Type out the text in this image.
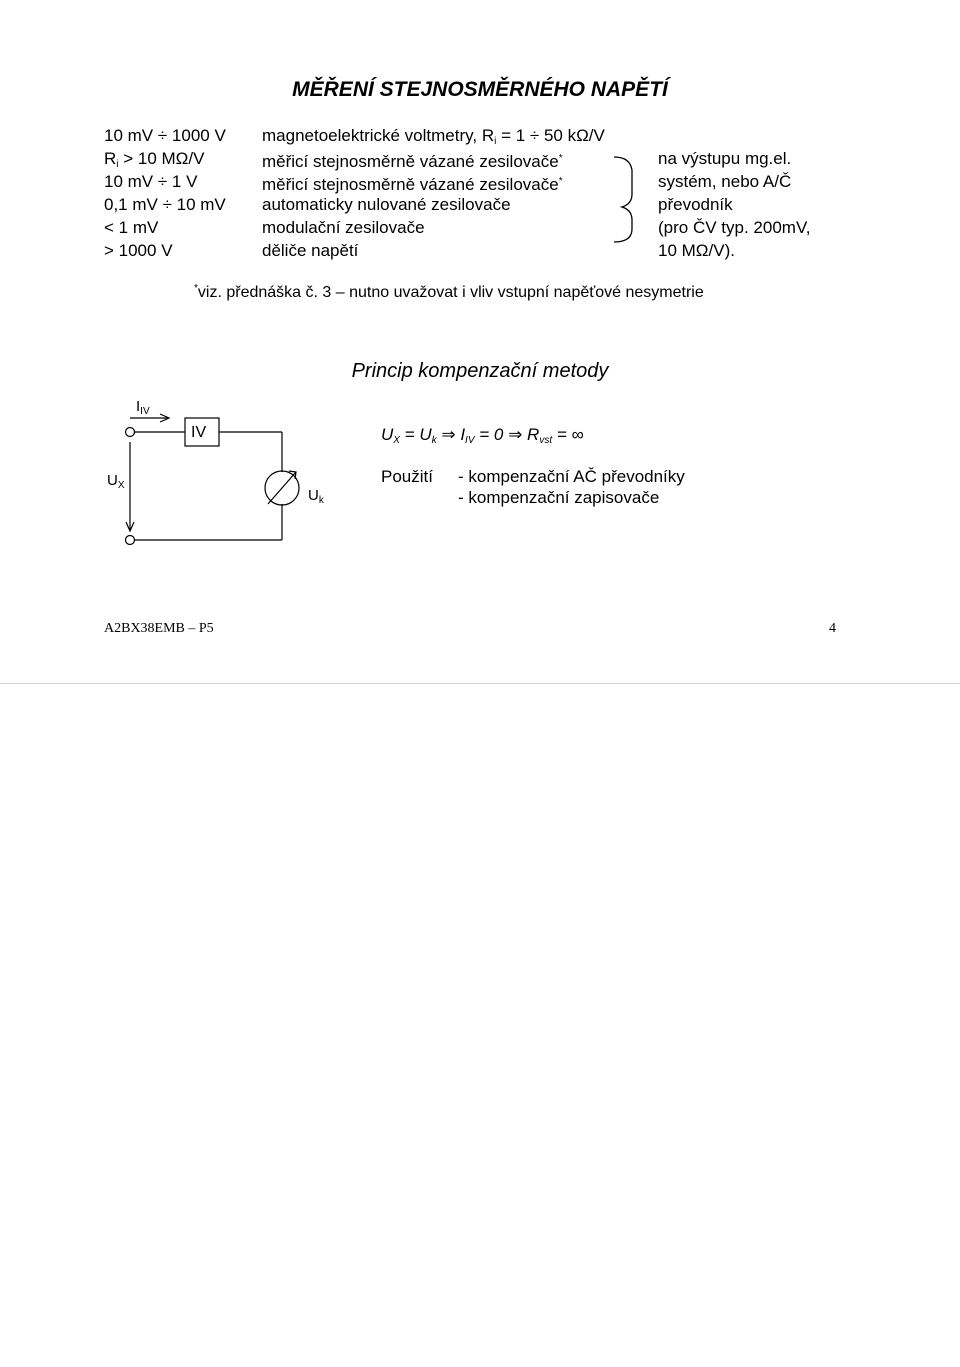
MĚŘENÍ STEJNOSMĚRNÉHO NAPĚTÍ
10 mV ÷ 1000 V magnetoelektrické voltmetry, $R_i = 1 \div 50$ kΩ/V
$R_i > 10$ MΩ/V	měřicí stejnosměrně vázané zesilovače*
10 mV ÷ 1 V	měřicí stejnosměrně vázané zesilovače*
0,1 mV ÷ 10 mV automaticky nulované zesilovače
< 1 mV	modulační zesilovače
> 1000 V	děliče napětí
na výstupu mg.el.
systém, nebo A/Č
převodník
(pro ČV typ. 200mV,
10 MΩ/V).
*viz. přednáška č. 3 – nutno uvažovat i vliv vstupní napěťové nesymetrie
Princip kompenzační metody
$I_{IV}$
IV
$U_X$
$U_k$
$U_X = U_k$ ⇒ $I_{IV} = 0$ ⇒ $R_{vst}$ = ∞
Použití - kompenzační AČ převodníky
- kompenzační zapisovače
A2BX38EMB – P5	4
